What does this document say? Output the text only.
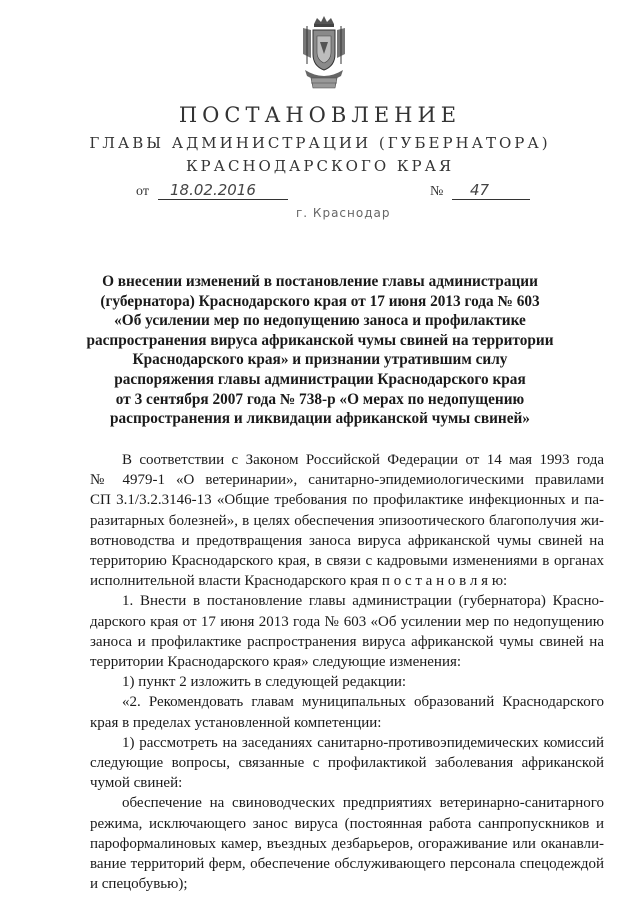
ПОСТАНОВЛЕНИЕ
ГЛАВЫ АДМИНИСТРАЦИИ (ГУБЕРНАТОРА)
КРАСНОДАРСКОГО КРАЯ
от 18.02.2016	№ 47
г. Краснодар
О внесении изменений в постановление главы администрации
(губернатора) Краснодарского края от 17 июня 2013 года № 603
«Об усилении мер по недопущению заноса и профилактике
распространения вируса африканской чумы свиней на территории
Краснодарского края» и признании утратившим силу
распоряжения главы администрации Краснодарского края
от 3 сентября 2007 года № 738-р «О мерах по недопущению
распространения и ликвидации африканской чумы свиней»
В соответствии с Законом Российской Федерации от 14 мая 1993 года
№ 4979-1 «О ветеринарии», санитарно-эпидемиологическими правилами
СП 3.1/3.2.3146-13 «Общие требования по профилактике инфекционных и па-
разитарных болезней», в целях обеспечения эпизоотического благополучия жи-
вотноводства и предотвращения заноса вируса африканской чумы свиней на
территорию Краснодарского края, в связи с кадровыми изменениями в органах
исполнительной власти Краснодарского края п о с т а н о в л я ю:
1. Внести в постановление главы администрации (губернатора) Красно-
дарского края от 17 июня 2013 года № 603 «Об усилении мер по недопущению
заноса и профилактике распространения вируса африканской чумы свиней на
территории Краснодарского края» следующие изменения:
1) пункт 2 изложить в следующей редакции:
«2. Рекомендовать главам муниципальных образований Краснодарского
края в пределах установленной компетенции:
1) рассмотреть на заседаниях санитарно-противоэпидемических комиссий
следующие вопросы, связанные с профилактикой заболевания африканской
чумой свиней:
обеспечение на свиноводческих предприятиях ветеринарно-санитарного
режима, исключающего занос вируса (постоянная работа санпропускников и
пароформалиновых камер, въездных дезбарьеров, огораживание или оканавли-
вание территорий ферм, обеспечение обслуживающего персонала спецодеждой
и спецобувью);
